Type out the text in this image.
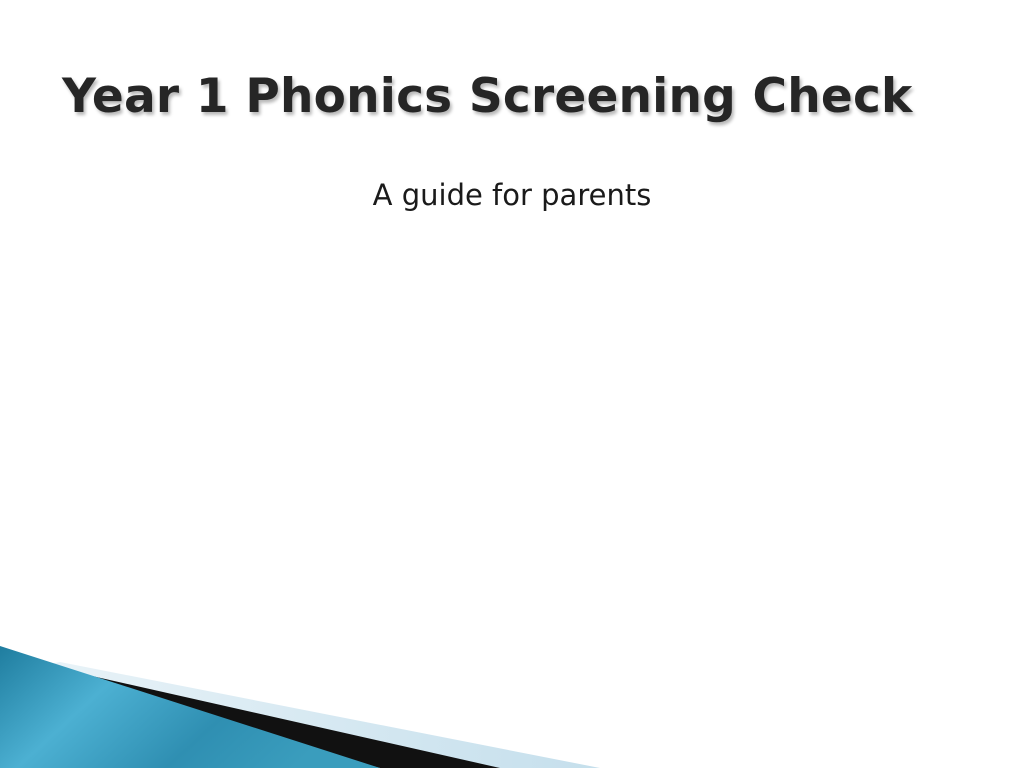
Year 1 Phonics Screening Check

A guide for parents
